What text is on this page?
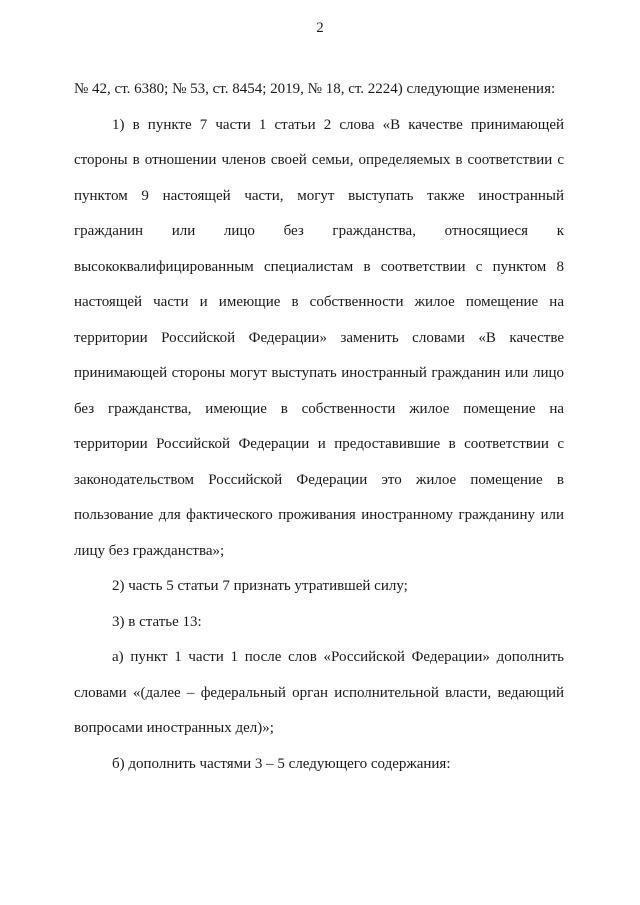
2

№ 42, ст. 6380; № 53, ст. 8454; 2019, № 18, ст. 2224) следующие изменения:

1) в пункте 7 части 1 статьи 2 слова «В качестве принимающей стороны в отношении членов своей семьи, определяемых в соответствии с пунктом 9 настоящей части, могут выступать также иностранный гражданин или лицо без гражданства, относящиеся к высококвалифицированным специалистам в соответствии с пунктом 8 настоящей части и имеющие в собственности жилое помещение на территории Российской Федерации» заменить словами «В качестве принимающей стороны могут выступать иностранный гражданин или лицо без гражданства, имеющие в собственности жилое помещение на территории Российской Федерации и предоставившие в соответствии с законодательством Российской Федерации это жилое помещение в пользование для фактического проживания иностранному гражданину или лицу без гражданства»;

2) часть 5 статьи 7 признать утратившей силу;

3) в статье 13:

а) пункт 1 части 1 после слов «Российской Федерации» дополнить словами «(далее – федеральный орган исполнительной власти, ведающий вопросами иностранных дел)»;

б) дополнить частями 3 – 5 следующего содержания:
